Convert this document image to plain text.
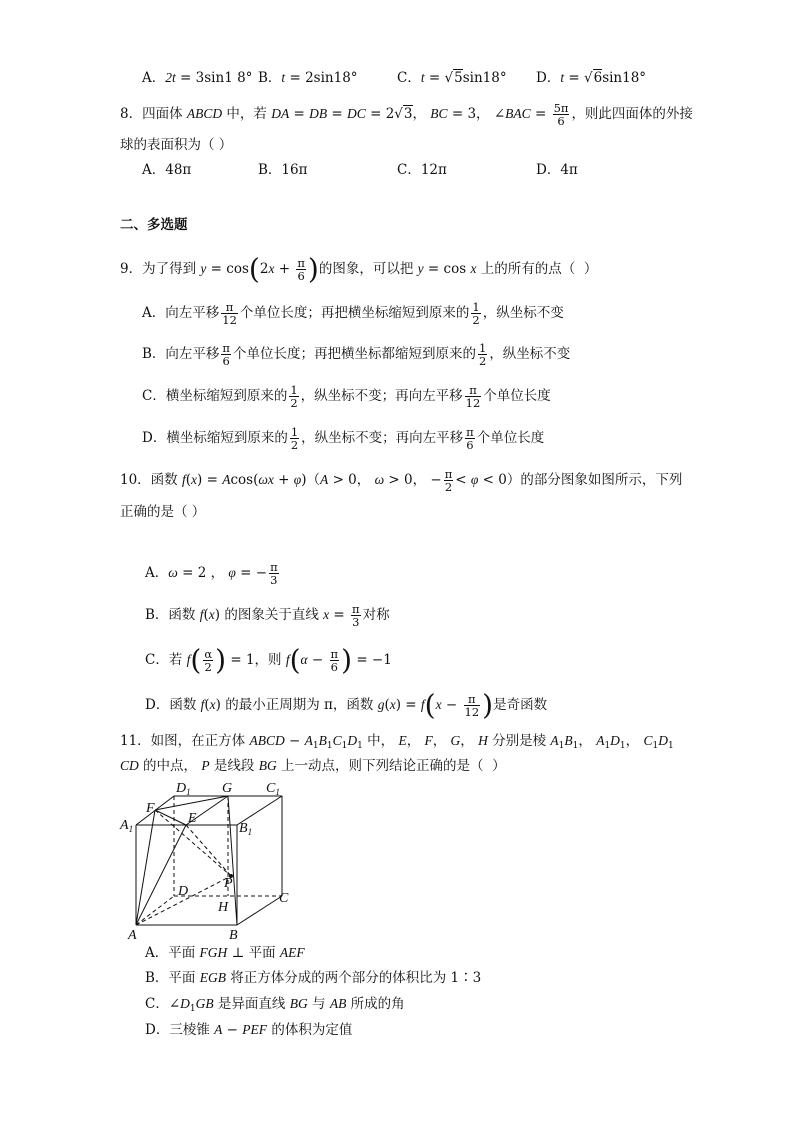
A．2t = 3sin1 8° B．t = 2sin18°	C．t = √5sin18° D．t = √6sin18°
8．四面体 ABCD 中，若 DA = DB = DC = 2√3， BC = 3， ∠BAC = $\frac{5\pi}{6}$ ，则此四面体的外接
球的表面积为（ ）
A．48π	B．16π	C．12π	D．4π
二、多选题
9．为了得到 $y = \cos(2x + \frac{\pi}{6}$ )的图象，可以把 y = cos x 上的所有的点（  ）
A．向左平移 $\frac{\pi}{12}$ 个单位长度；再把横坐标缩短到原来的 $\frac{1}{2}$ ，纵坐标不变
B．向左平移 $\frac{\pi}{6}$ 个单位长度；再把横坐标都缩短到原来的 $\frac{1}{2}$ ，纵坐标不变
C．横坐标缩短到原来的 $\frac{1}{2}$ ，纵坐标不变；再向左平移 $\frac{\pi}{12}$ 个单位长度
D．横坐标缩短到原来的 $\frac{1}{2}$ ，纵坐标不变；再向左平移 $\frac{\pi}{6}$ 个单位长度
10．函数 f(x) = Acos(ωx + φ)（A > 0， ω > 0， − $\frac{\pi}{2} < \varphi < 0$）的部分图象如图所示，下列
正确的是（ ）
A．ω = 2 ， φ = − $\frac{\pi}{3}$
B．函数 f(x) 的图象关于直线 $x = \frac{\pi}{3}$ 对称
C．若 $f( \frac{\alpha}{2}$ ) = 1，则 $f(\alpha - \frac{\pi}{6}$ ) = −1
D．函数 f(x) 的最小正周期为 π，函数 $g(x) = f(x - \frac{\pi}{12}$ )是奇函数
11．如图，在正方体 ABCD − $A_1B_1C_1D_1$ 中， E， F， G， H 分别是棱 $A_1B_1$， $A_1D_1$， $C_1D_1$
CD 的中点， P 是线段 BG 上一动点，则下列结论正确的是（  ）
F
$D_1$ G $C_1$
$A_1$
E
$B_1$
D
P
H
C
A	B
A．平面 FGH ⊥ 平面 AEF
B．平面 EGB 将正方体分成的两个部分的体积比为 1∶3
C．$\angle D_1GB$ 是异面直线 BG 与 AB 所成的角
D．三棱锥 A − PEF 的体积为定值
